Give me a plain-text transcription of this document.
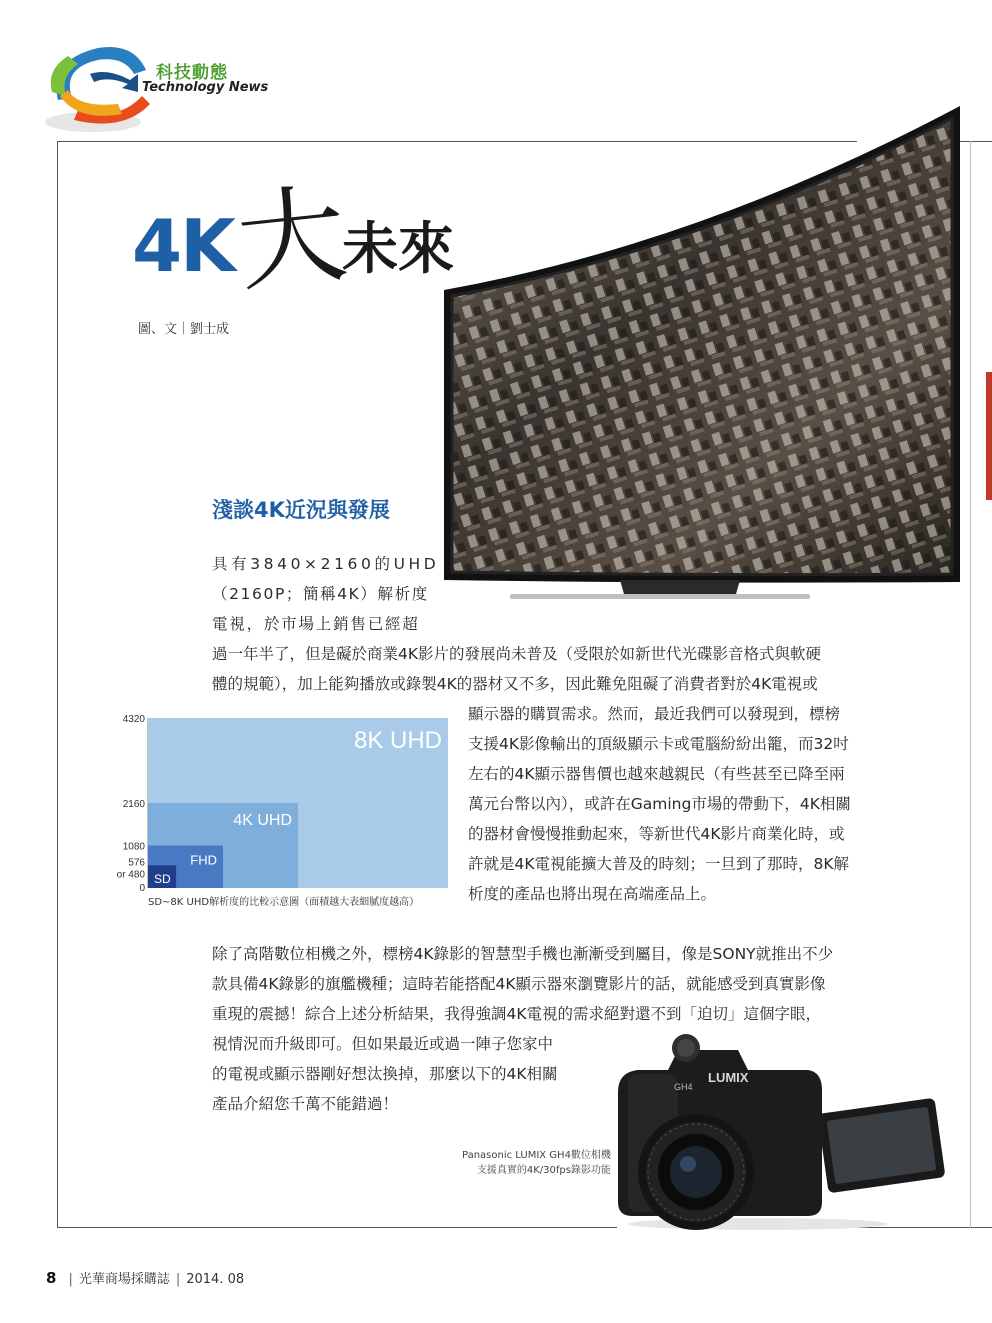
科技動態
Technology News
4K
大
未來
圖、文｜劉士成
淺談4K近況與發展
具有3840×2160的UHD
（2160P；簡稱4K）解析度
電視，於市場上銷售已經超
過一年半了，但是礙於商業4K影片的發展尚未普及（受限於如新世代光碟影音格式與軟硬
體的規範），加上能夠播放或錄製4K的器材又不多，因此難免阻礙了消費者對於4K電視或
顯示器的購買需求。然而，最近我們可以發現到，標榜
支援4K影像輸出的頂級顯示卡或電腦紛紛出籠，而32吋
左右的4K顯示器售價也越來越親民（有些甚至已降至兩
萬元台幣以內），或許在Gaming市場的帶動下，4K相關
的器材會慢慢推動起來，等新世代4K影片商業化時，或
許就是4K電視能擴大普及的時刻；一旦到了那時，8K解
析度的產品也將出現在高端產品上。
8K UHD
4K UHD
FHD
SD
4320
2160
1080
576
or 480
0
SD~8K UHD解析度的比較示意圖（面積越大表細膩度越高）
除了高階數位相機之外，標榜4K錄影的智慧型手機也漸漸受到屬目，像是SONY就推出不少
款具備4K錄影的旗艦機種；這時若能搭配4K顯示器來瀏覽影片的話，就能感受到真實影像
重現的震撼！綜合上述分析結果，我得強調4K電視的需求絕對還不到「迫切」這個字眼，
視情況而升級即可。但如果最近或過一陣子您家中
的電視或顯示器剛好想汰換掉，那麼以下的4K相關
產品介紹您千萬不能錯過！
LUMIX
GH4
Panasonic LUMIX GH4數位相機
支援真實的4K/30fps錄影功能
8 | 光華商場採購誌 | 2014. 08
